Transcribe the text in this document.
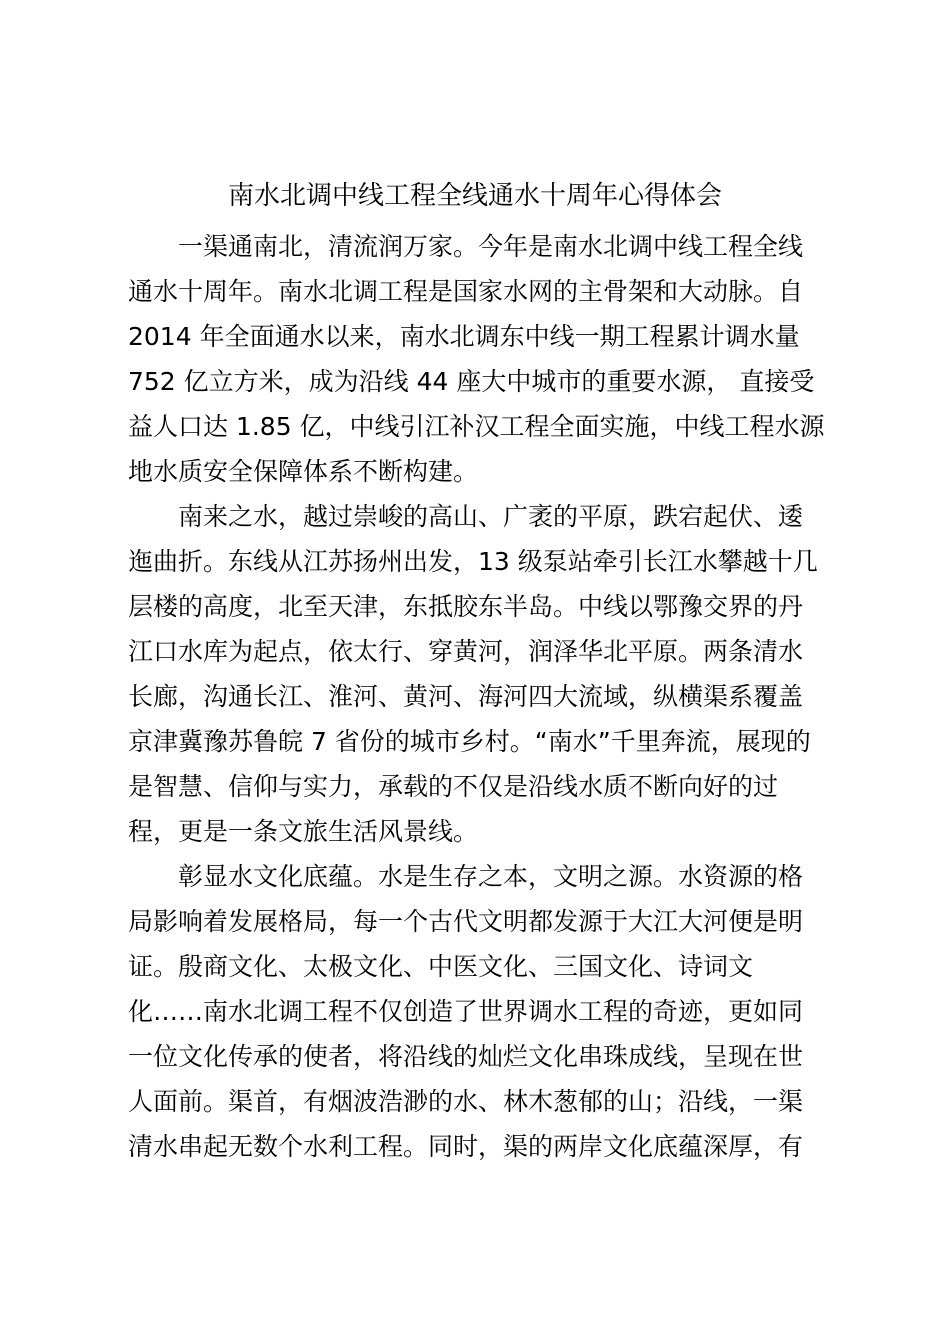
南水北调中线工程全线通水十周年心得体会

一渠通南北，清流润万家。今年是南水北调中线工程全线
通水十周年。南水北调工程是国家水网的主骨架和大动脉。自
2014 年全面通水以来，南水北调东中线一期工程累计调水量
752 亿立方米，成为沿线 44 座大中城市的重要水源， 直接受
益人口达 1.85 亿，中线引江补汉工程全面实施，中线工程水源
地水质安全保障体系不断构建。

南来之水，越过崇峻的高山、广袤的平原，跌宕起伏、逶
迤曲折。东线从江苏扬州出发，13 级泵站牵引长江水攀越十几
层楼的高度，北至天津，东抵胶东半岛。中线以鄂豫交界的丹
江口水库为起点，依太行、穿黄河，润泽华北平原。两条清水
长廊，沟通长江、淮河、黄河、海河四大流域，纵横渠系覆盖
京津冀豫苏鲁皖 7 省份的城市乡村。“南水”千里奔流，展现的
是智慧、信仰与实力，承载的不仅是沿线水质不断向好的过
程，更是一条文旅生活风景线。

彰显水文化底蕴。水是生存之本，文明之源。水资源的格
局影响着发展格局，每一个古代文明都发源于大江大河便是明
证。殷商文化、太极文化、中医文化、三国文化、诗词文
化……南水北调工程不仅创造了世界调水工程的奇迹，更如同
一位文化传承的使者，将沿线的灿烂文化串珠成线，呈现在世
人面前。渠首，有烟波浩渺的水、林木葱郁的山；沿线，一渠
清水串起无数个水利工程。同时，渠的两岸文化底蕴深厚，有
